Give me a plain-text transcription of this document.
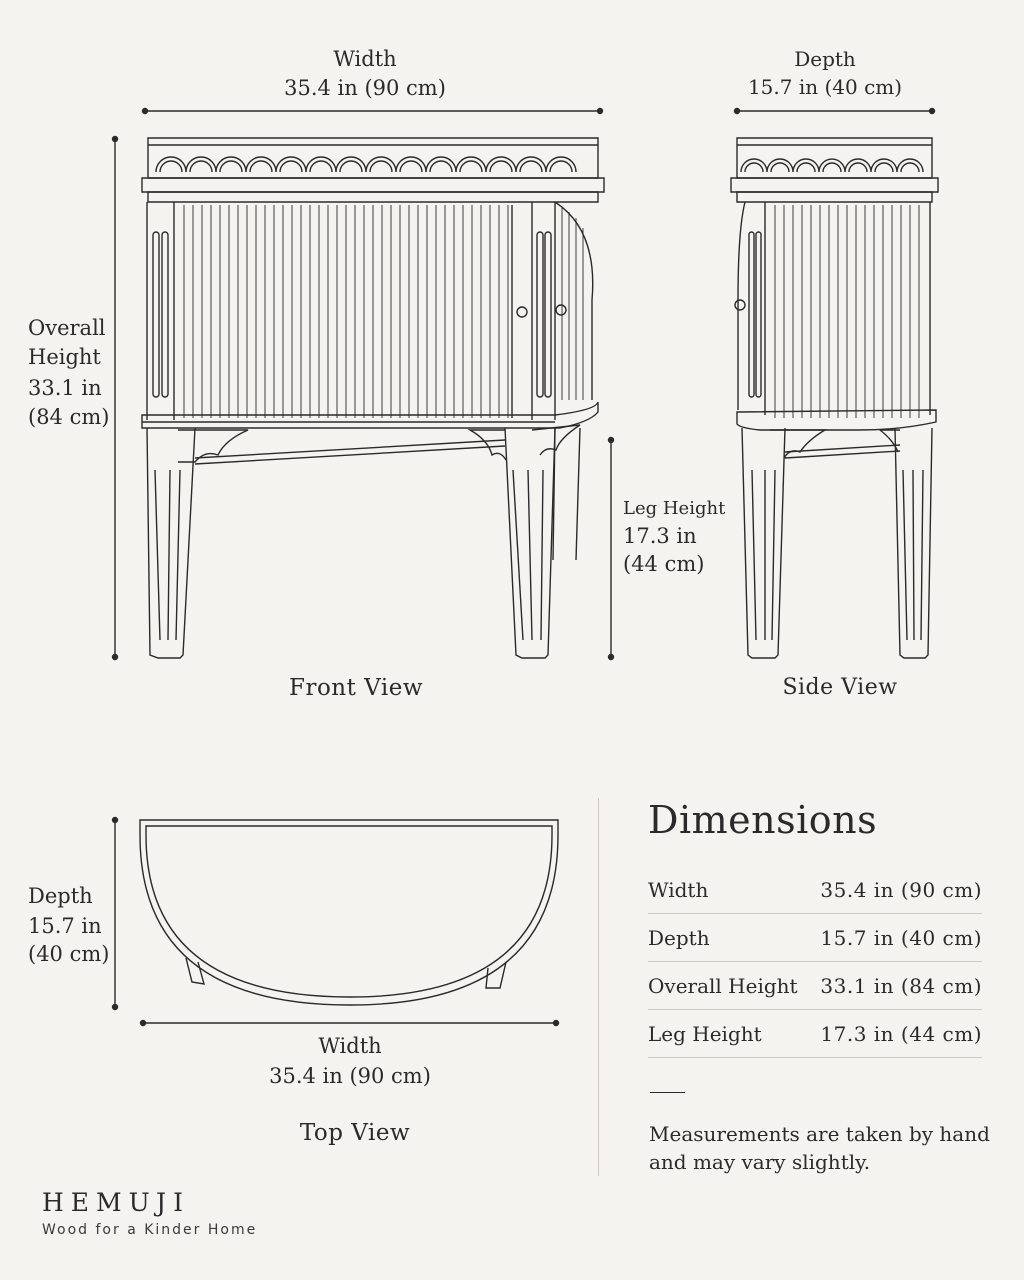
Width
35.4 in (90 cm)
Overall
Height
33.1 in
(84 cm)
Leg Height
17.3 in
(44 cm)
Front View
Depth
15.7 in (40 cm)
Side View
Depth
15.7 in
(40 cm)
Width
35.4 in (90 cm)
Top View
Dimensions
Width	35.4 in (90 cm)
Depth	15.7 in (40 cm)
Overall Height 33.1 in (84 cm)
Leg Height	17.3 in (44 cm)
Measurements are taken by hand and may vary slightly.
HEMUJI
Wood for a Kinder Home
